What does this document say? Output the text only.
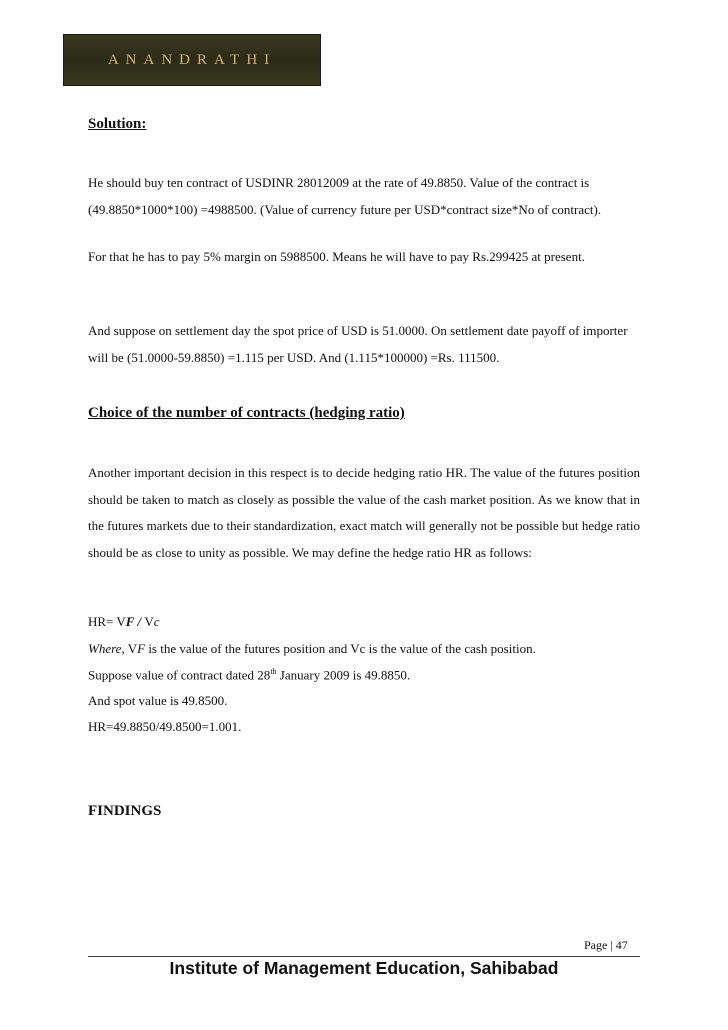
ANANDRATHI
Solution:

He should buy ten contract of USDINR 28012009 at the rate of 49.8850. Value of the contract is (49.8850*1000*100) =4988500. (Value of currency future per USD*contract size*No of contract).

For that he has to pay 5% margin on 5988500. Means he will have to pay Rs.299425 at present.

And suppose on settlement day the spot price of USD is 51.0000. On settlement date payoff of importer will be (51.0000-59.8850) =1.115 per USD. And (1.115*100000) =Rs. 111500.

Choice of the number of contracts (hedging ratio)

Another important decision in this respect is to decide hedging ratio HR. The value of the futures position should be taken to match as closely as possible the value of the cash market position. As we know that in the futures markets due to their standardization, exact match will generally not be possible but hedge ratio should be as close to unity as possible. We may define the hedge ratio HR as follows:

HR= VF / Vc
Where, VF is the value of the futures position and Vc is the value of the cash position.
Suppose value of contract dated 28th January 2009 is 49.8850.
And spot value is 49.8500.
HR=49.8850/49.8500=1.001.
FINDINGS
Page | 47
Institute of Management Education, Sahibabad
